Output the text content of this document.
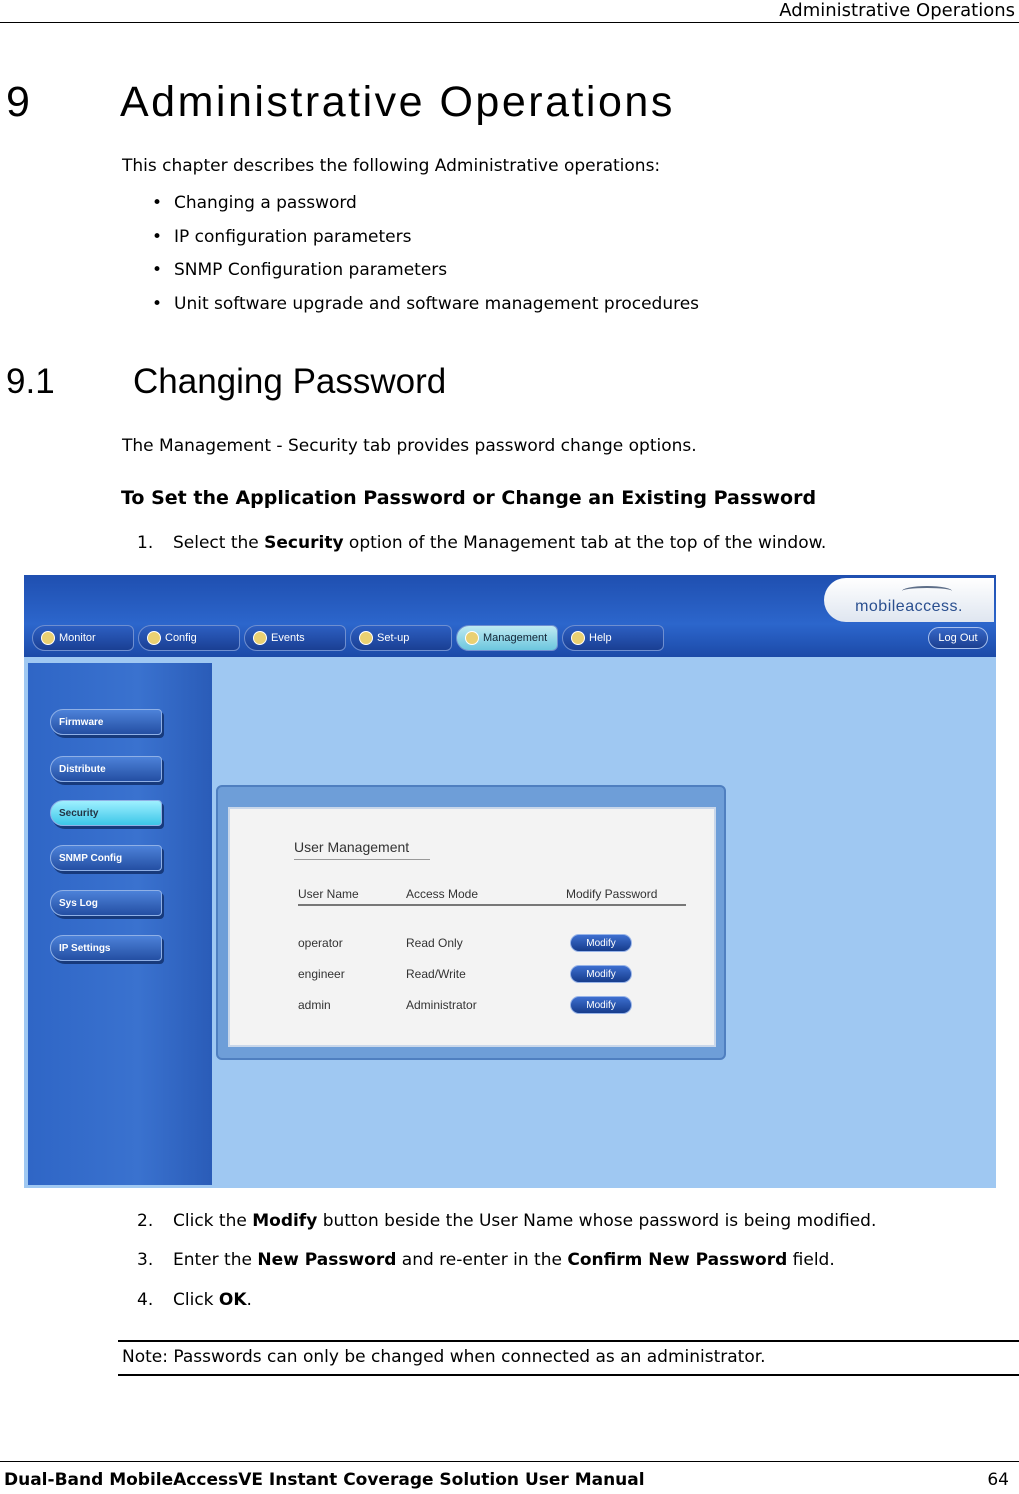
Administrative Operations
9 Administrative Operations
This chapter describes the following Administrative operations:
• Changing a password
• IP configuration parameters
• SNMP Configuration parameters
• Unit software upgrade and software management procedures
9.1 Changing Password
The Management - Security tab provides password change options.
To Set the Application Password or Change an Existing Password
1. Select the Security option of the Management tab at the top of the window.
mobileaccess.
Monitor	Config	Events	Set-up	Management	Help	Log Out
Firmware
Distribute
Security
SNMP Config
Sys Log
IP Settings
User Management
User Name	Access Mode	Modify Password
operator	Read Only	Modify
engineer	Read/Write	Modify
admin	Administrator	Modify
2. Click the Modify button beside the User Name whose password is being modified.
3. Enter the New Password and re-enter in the Confirm New Password field.
4. Click OK.
Note: Passwords can only be changed when connected as an administrator.
Dual-Band MobileAccessVE Instant Coverage Solution User Manual	64
